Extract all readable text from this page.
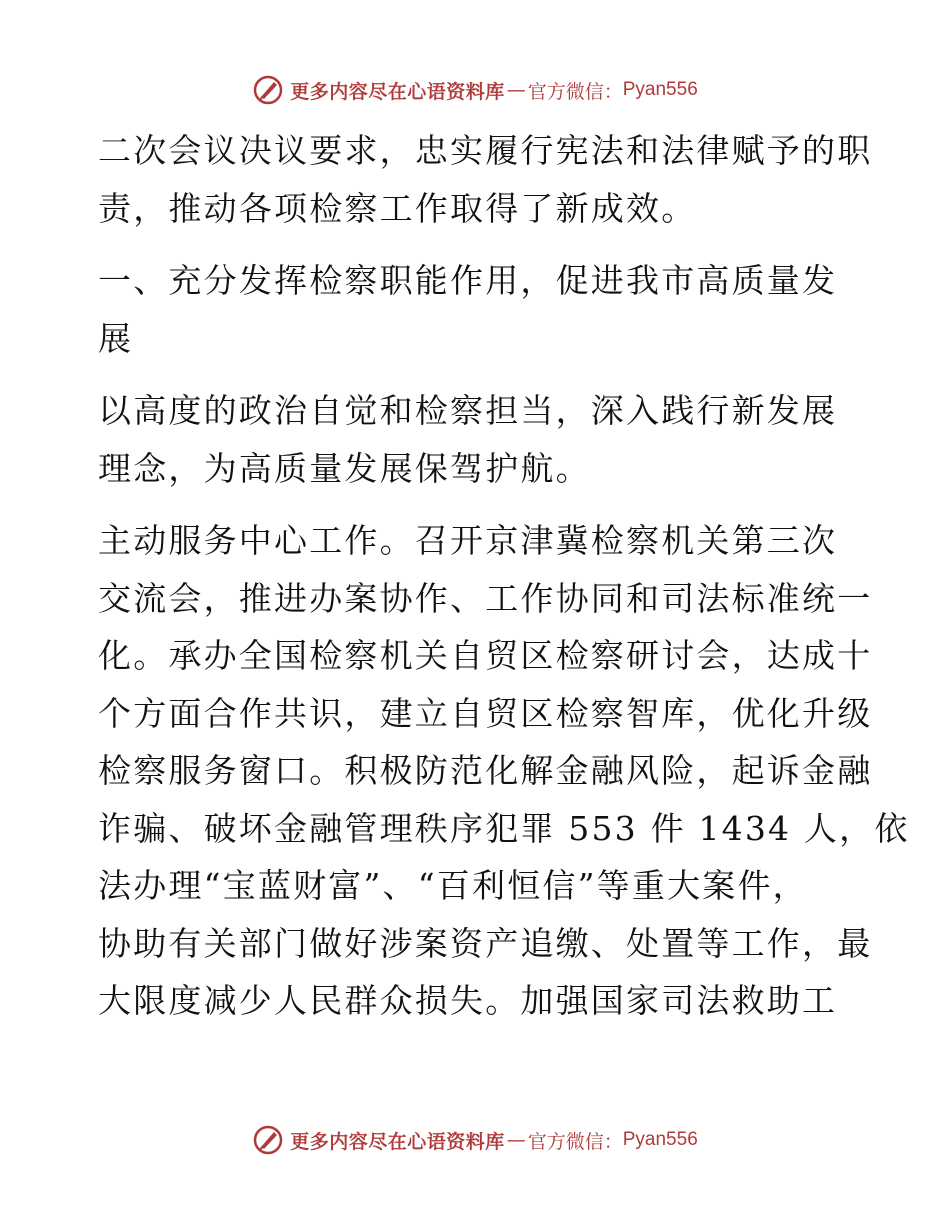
更多内容尽在心语资料库 — 官方微信： Pyan556

二次会议决议要求，忠实履行宪法和法律赋予的职
责，推动各项检察工作取得了新成效。

一、充分发挥检察职能作用，促进我市高质量发
展

以高度的政治自觉和检察担当，深入践行新发展
理念，为高质量发展保驾护航。

主动服务中心工作。召开京津冀检察机关第三次
交流会，推进办案协作、工作协同和司法标准统一
化。承办全国检察机关自贸区检察研讨会，达成十
个方面合作共识，建立自贸区检察智库，优化升级
检察服务窗口。积极防范化解金融风险，起诉金融
诈骗、破坏金融管理秩序犯罪 553 件 1434 人，依
法办理“宝蓝财富”、“百利恒信”等重大案件，
协助有关部门做好涉案资产追缴、处置等工作，最
大限度减少人民群众损失。加强国家司法救助工

更多内容尽在心语资料库 — 官方微信： Pyan556
